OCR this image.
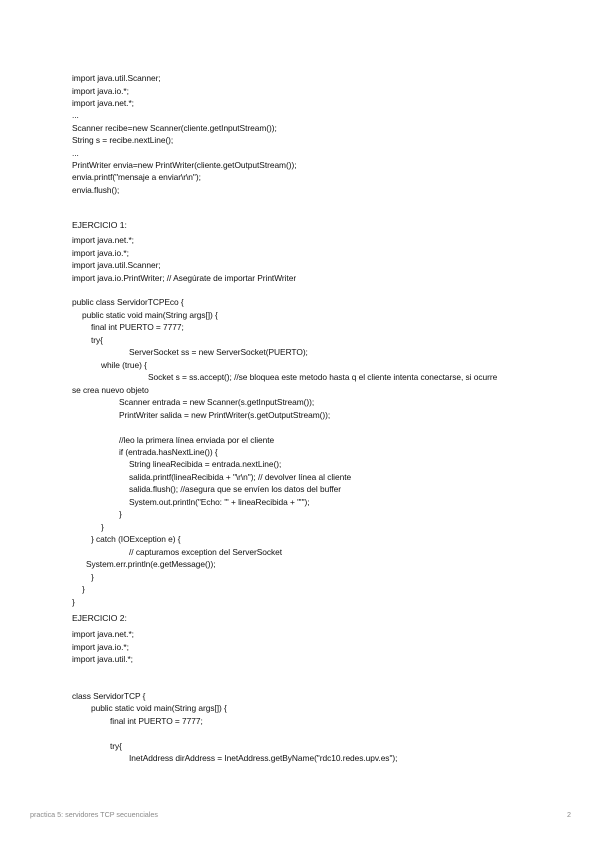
import java.util.Scanner;
import java.io.*;
import java.net.*;
...
Scanner recibe=new Scanner(cliente.getInputStream());
String s = recibe.nextLine();
...
PrintWriter envia=new PrintWriter(cliente.getOutputStream());
envia.printf("mensaje a enviar\r\n");
envia.flush();
EJERCICIO 1:
import java.net.*;
import java.io.*;
import java.util.Scanner;
import java.io.PrintWriter; // Asegúrate de importar PrintWriter
public class ServidorTCPEco {
public static void main(String args[]) {
final int PUERTO = 7777;
try{
ServerSocket ss = new ServerSocket(PUERTO);
while (true) {
Socket s = ss.accept(); //se bloquea este metodo hasta q el cliente intenta conectarse, si ocurre
se crea nuevo objeto
Scanner entrada = new Scanner(s.getInputStream());
PrintWriter salida = new PrintWriter(s.getOutputStream());
//leo la primera línea enviada por el cliente
if (entrada.hasNextLine()) {
String lineaRecibida = entrada.nextLine();
salida.printf(lineaRecibida + "\r\n"); // devolver línea al cliente
salida.flush(); //asegura que se envíen los datos del buffer
System.out.println("Echo: '" + lineaRecibida + "'");
}
}
} catch (IOException e) {
// capturamos exception del ServerSocket
System.err.println(e.getMessage());
}
}
}
EJERCICIO 2:
import java.net.*;
import java.io.*;
import java.util.*;
class ServidorTCP {
public static void main(String args[]) {
final int PUERTO = 7777;
try{
InetAddress dirAddress = InetAddress.getByName("rdc10.redes.upv.es");
practica 5: servidores TCP secuenciales	2
